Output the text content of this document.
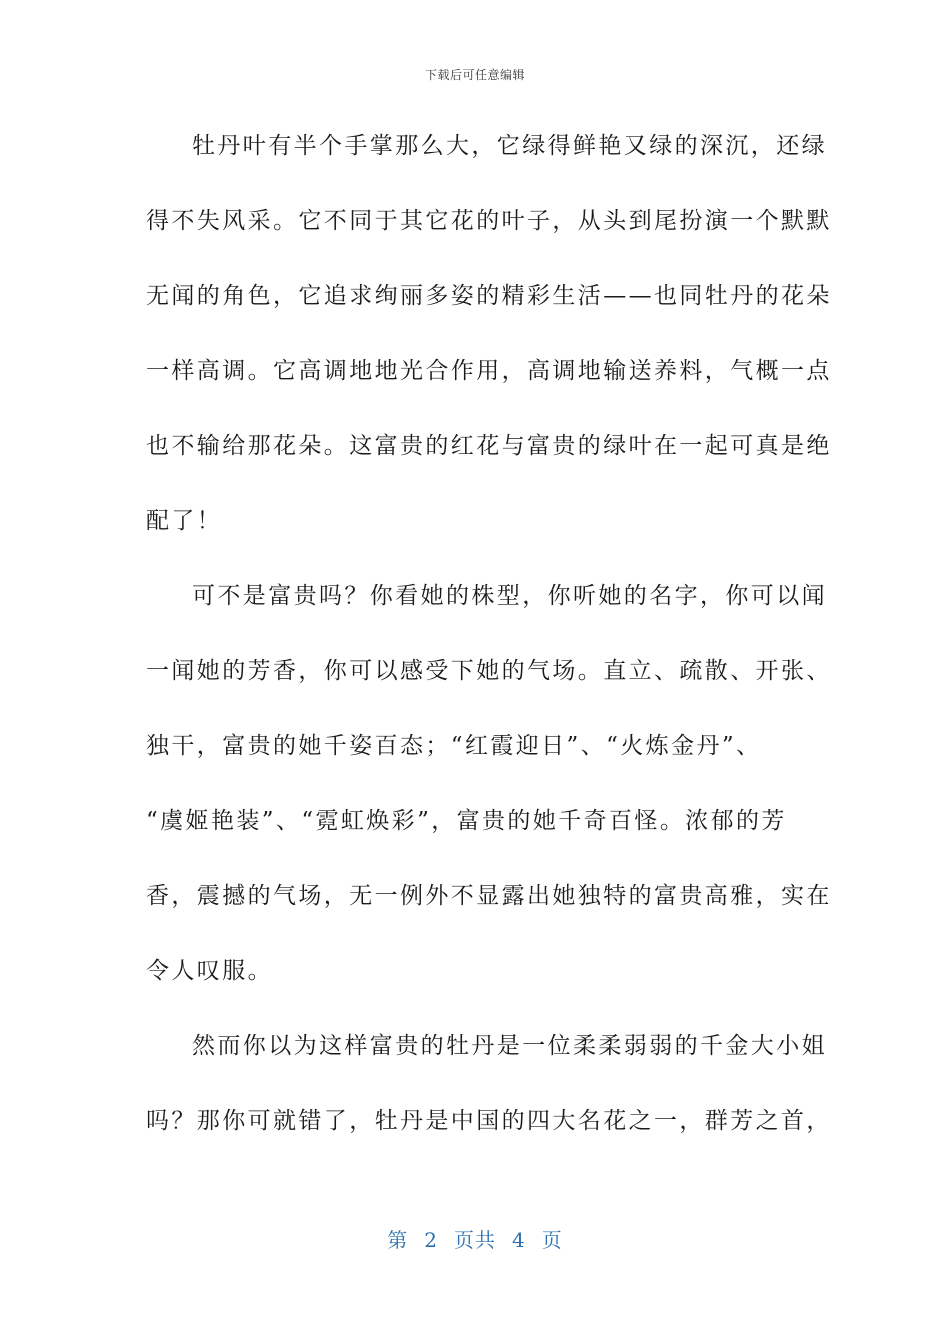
下载后可任意编辑
牡丹叶有半个手掌那么大，它绿得鲜艳又绿的深沉，还绿
得不失风采。它不同于其它花的叶子，从头到尾扮演一个默默
无闻的角色，它追求绚丽多姿的精彩生活——也同牡丹的花朵
一样高调。它高调地地光合作用，高调地输送养料，气概一点
也不输给那花朵。这富贵的红花与富贵的绿叶在一起可真是绝
配了！
可不是富贵吗？你看她的株型，你听她的名字，你可以闻
一闻她的芳香，你可以感受下她的气场。直立、疏散、开张、
独干，富贵的她千姿百态；“红霞迎日”、“火炼金丹”、
“虞姬艳装”、“霓虹焕彩”，富贵的她千奇百怪。浓郁的芳
香，震撼的气场，无一例外不显露出她独特的富贵高雅，实在
令人叹服。
然而你以为这样富贵的牡丹是一位柔柔弱弱的千金大小姐
吗？那你可就错了，牡丹是中国的四大名花之一，群芳之首，
第 2 页共 4 页
